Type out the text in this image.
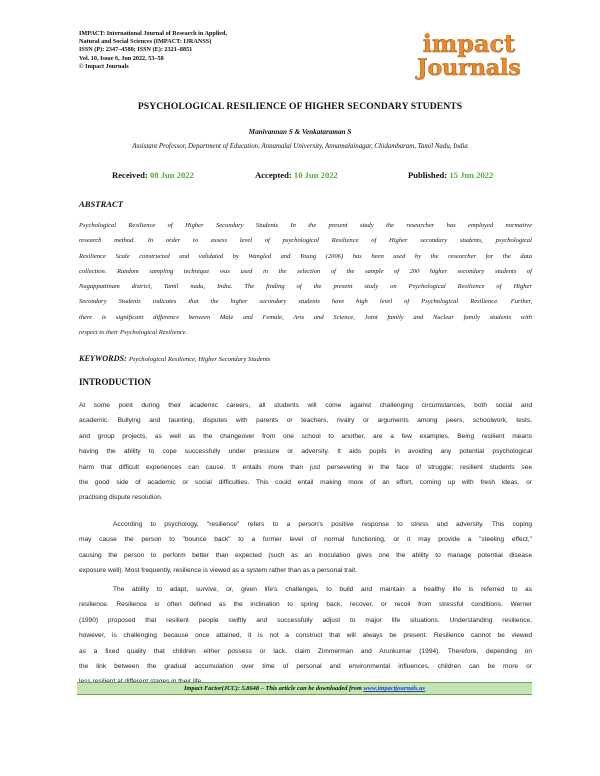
IMPACT: International Journal of Research in Applied,
Natural and Social Sciences (IMPACT: IJRANSS)
ISSN (P): 2347–4580; ISSN (E): 2321–8851
Vol. 10, Issue 6, Jun 2022, 53–58
© Impact Journals
impact
Journals
PSYCHOLOGICAL RESILIENCE OF HIGHER SECONDARY STUDENTS
Manivannan S & Venkataraman S
Assistant Professor, Department of Education, Annamalai University, Annamalainagar, Chidambaram, Tamil Nadu, India
Received: 08 Jun 2022	Accepted: 10 Jun 2022	Published: 15 Jun 2022
ABSTRACT
Psychological Resilience of Higher Secondary Students In the present study the researcher has employed normative
research method. In order to assess level of psychological Resilience of Higher secondary students, psychological
Resilience Scale constructed and validated by Wangled and Young (2006) has been used by the researcher for the data
collection. Random sampling technique was used in the selection of the sample of 200 higher secondary students of
Nagappattinam district, Tamil nadu, India. The finding of the present study on Psychological Resilience of Higher
Secondary Students indicates that the higher secondary students have high level of Psychological Resilience. Further,
there is significant difference between Male and Female, Arts and Science, Joint family and Nuclear family students with
respect to their Psychological Resilience.
KEYWORDS: Psychological Resilience, Higher Secondary Students
INTRODUCTION
At some point during their academic careers, all students will come against challenging circumstances, both social and
academic. Bullying and taunting, disputes with parents or teachers, rivalry or arguments among peers, schoolwork, tests,
and group projects, as well as the changeover from one school to another, are a few examples. Being resilient means
having the ability to cope successfully under pressure or adversity. It aids pupils in avoiding any potential psychological
harm that difficult experiences can cause. It entails more than just persevering in the face of struggle; resilient students see
the good side of academic or social difficulties. This could entail making more of an effort, coming up with fresh ideas, or
practising dispute resolution.
According to psychology, "resilience" refers to a person's positive response to stress and adversity. This coping
may cause the person to "bounce back" to a former level of normal functioning, or it may provide a "steeling effect,"
causing the person to perform better than expected (such as an inoculation gives one the ability to manage potential disease
exposure well). Most frequently, resilience is viewed as a system rather than as a personal trait.
The ability to adapt, survive, or, given life's challenges, to build and maintain a healthy life is referred to as
resilience. Resilience is often defined as the inclination to spring back, recover, or recoil from stressful conditions. Werner
(1990) proposed that resilient people swiftly and successfully adjust to major life situations. Understanding resilience,
however, is challenging because once attained, it is not a construct that will always be present. Resilience cannot be viewed
as a fixed quality that children either possess or lack, claim Zimmerman and Arunkumar (1994). Therefore, depending on
the link between the gradual accumulation over time of personal and environmental influences, children can be more or
Impact Factor(JCC): 5.8648 – This article can be downloaded from www.impactjournals.us
